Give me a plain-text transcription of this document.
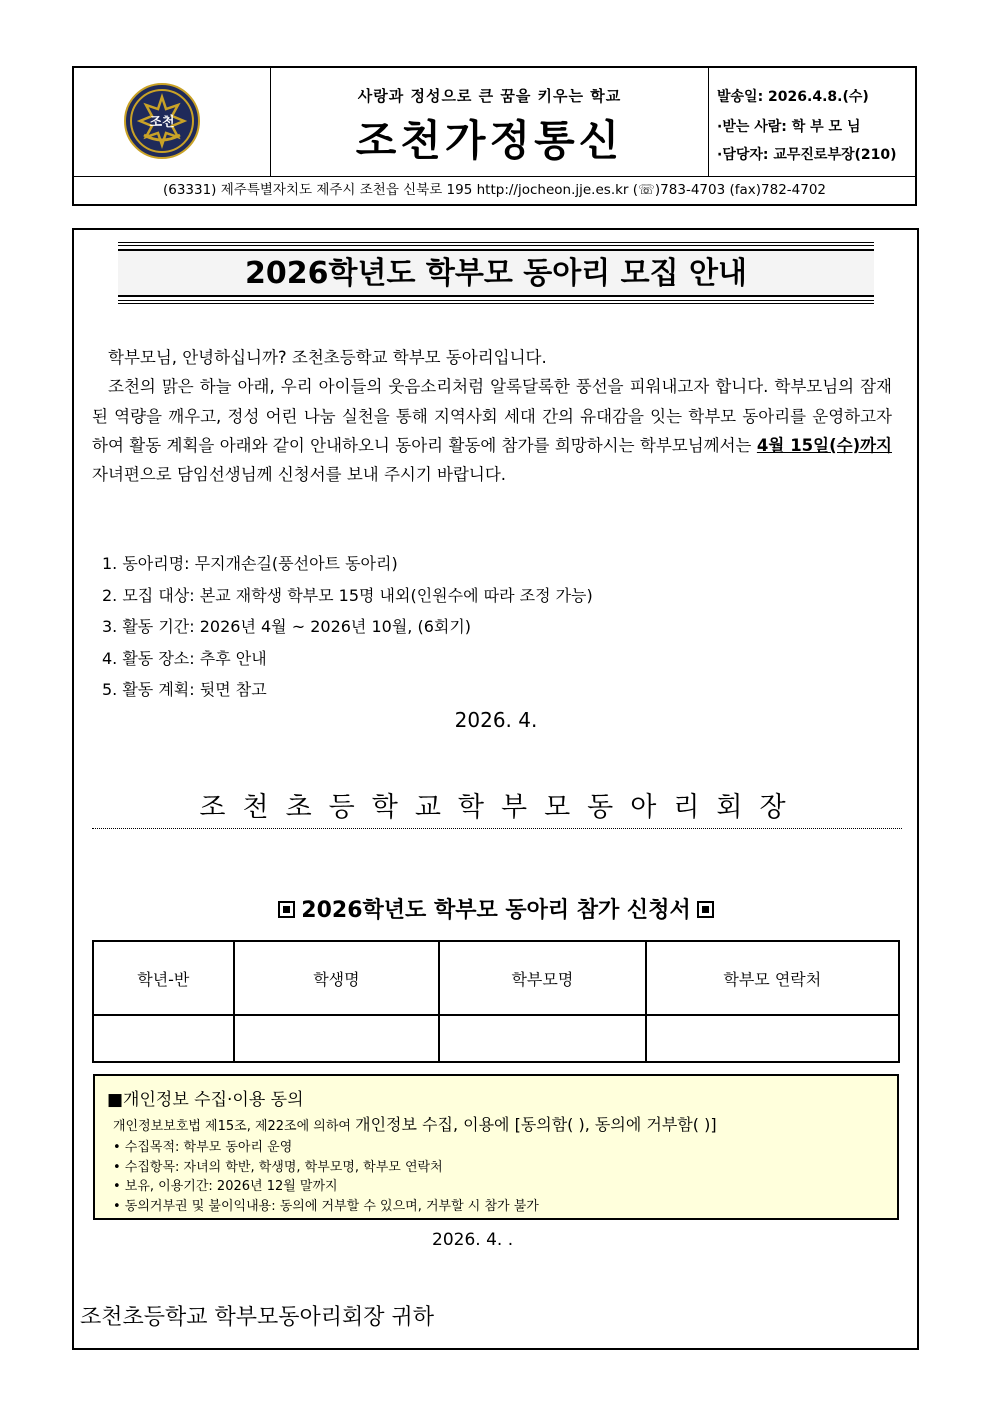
조천
사랑과 정성으로 큰 꿈을 키우는 학교
조천가정통신
발송일: 2026.4.8.(수)
·받는 사람: 학 부 모 님
·담당자: 교무진로부장(210)
(63331) 제주특별자치도 제주시 조천읍 신북로 195 http://jocheon.jje.es.kr (☏)783-4703 (fax)782-4702
2026학년도 학부모 동아리 모집 안내

학부모님, 안녕하십니까? 조천초등학교 학부모 동아리입니다.

조천의 맑은 하늘 아래, 우리 아이들의 웃음소리처럼 알록달록한 풍선을 피워내고자 합니다. 학부모님의 잠재된 역량을 깨우고, 정성 어린 나눔 실천을 통해 지역사회 세대 간의 유대감을 잇는 학부모 동아리를 운영하고자 하여 활동 계획을 아래와 같이 안내하오니 동아리 활동에 참가를 희망하시는 학부모님께서는 4월 15일(수)까지 자녀편으로 담임선생님께 신청서를 보내 주시기 바랍니다.

1. 동아리명: 무지개손길(풍선아트 동아리)
2. 모집 대상: 본교 재학생 학부모 15명 내외(인원수에 따라 조정 가능)
3. 활동 기간: 2026년 4월 ~ 2026년 10월, (6회기)
4. 활동 장소: 추후 안내
5. 활동 계획: 뒷면 참고
2026. 4.
조천초등학교학부모동아리회장
2026학년도 학부모 동아리 참가 신청서
학년-반	학생명	학부모명	학부모 연락처

■개인정보 수집·이용 동의
개인정보보호법 제15조, 제22조에 의하여 개인정보 수집, 이용에 [동의함( ), 동의에 거부함( )]
• 수집목적: 학부모 동아리 운영
• 수집항목: 자녀의 학반, 학생명, 학부모명, 학부모 연락처
• 보유, 이용기간: 2026년 12월 말까지
• 동의거부권 및 불이익내용: 동의에 거부할 수 있으며, 거부할 시 참가 불가
2026. 4. .
조천초등학교 학부모동아리회장 귀하
